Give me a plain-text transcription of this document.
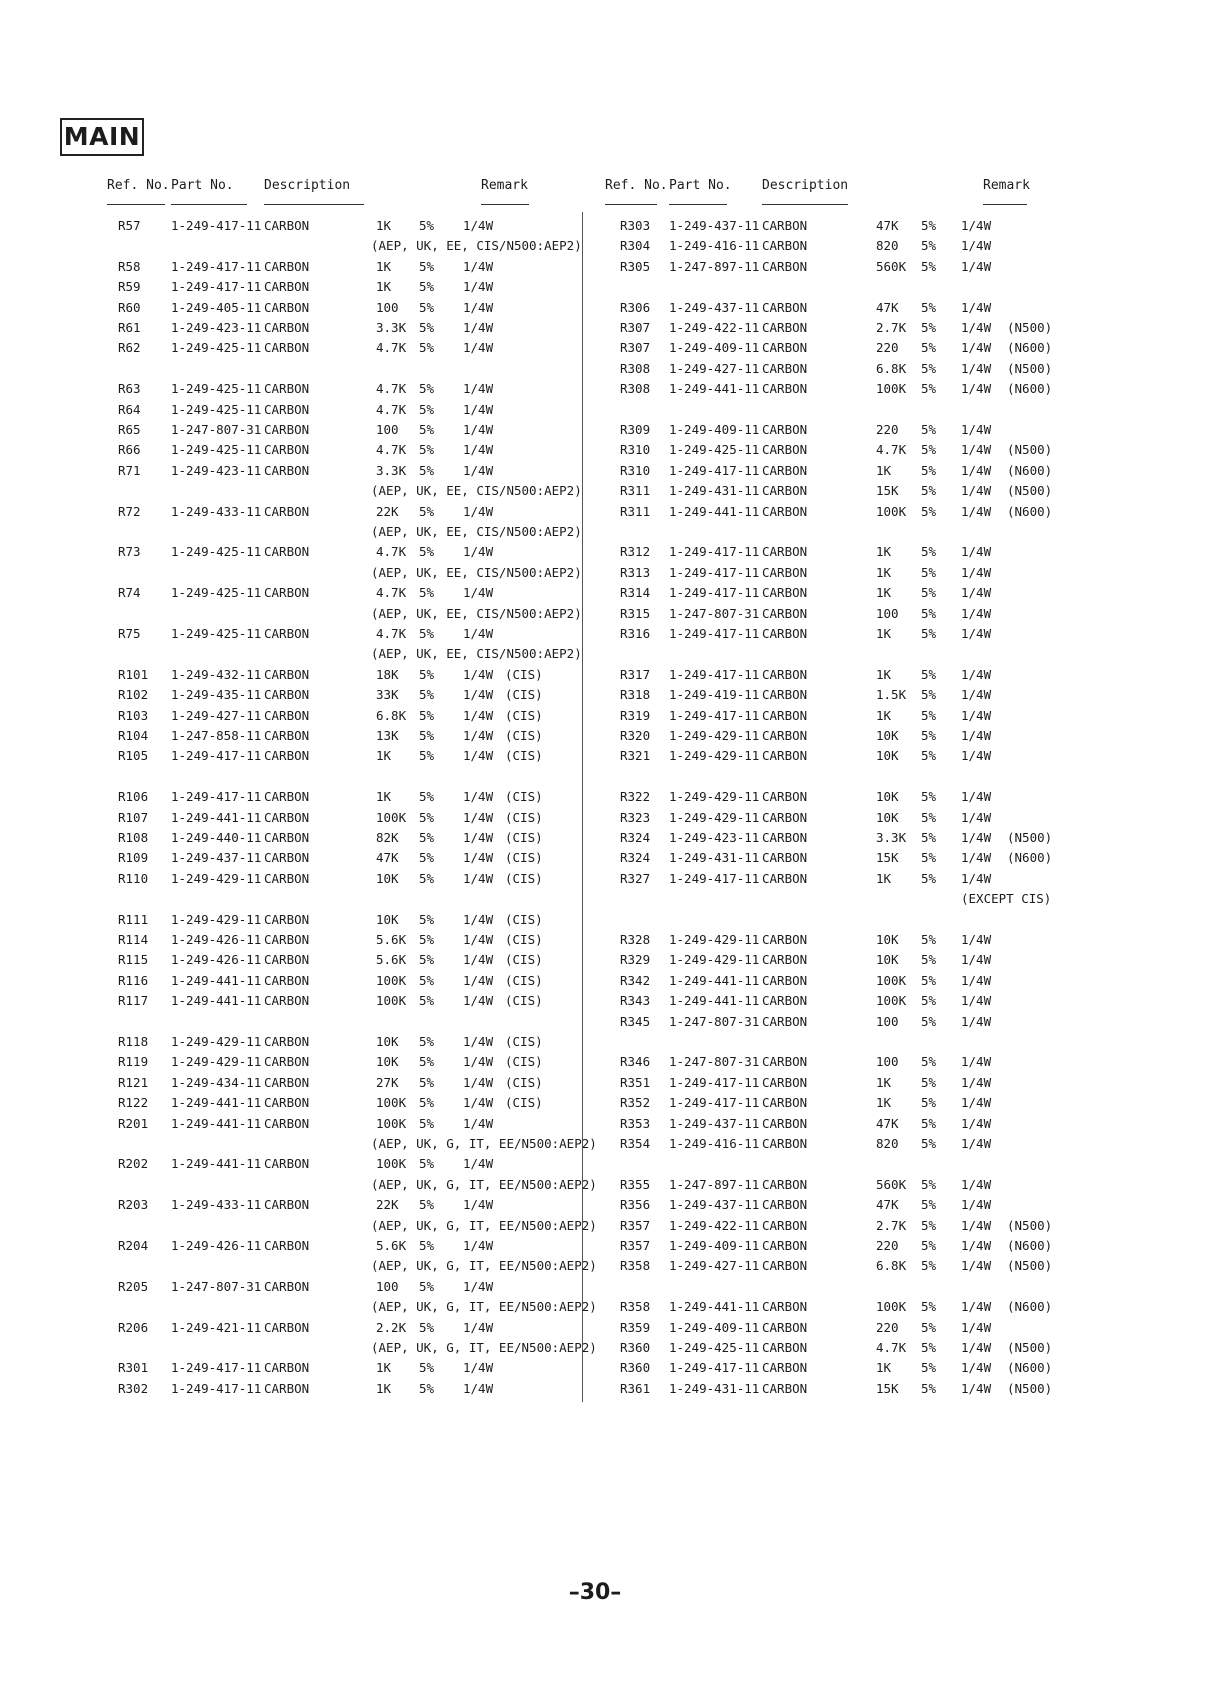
MAIN
Ref. No. Part No. Description	Remark	Ref. No. Part No. Description	Remark
R57 1-249-417-11 CARBON	1K 5% 1/4W
(AEP, UK, EE, CIS/N500:AEP2)
R58 1-249-417-11 CARBON	1K 5% 1/4W
R59 1-249-417-11 CARBON	1K 5% 1/4W
R60 1-249-405-11 CARBON	100 5% 1/4W
R61 1-249-423-11 CARBON	3.3K 5% 1/4W
R62 1-249-425-11 CARBON	4.7K 5% 1/4W
R63 1-249-425-11 CARBON	4.7K 5% 1/4W
R64 1-249-425-11 CARBON	4.7K 5% 1/4W
R65 1-247-807-31 CARBON	100 5% 1/4W
R66 1-249-425-11 CARBON	4.7K 5% 1/4W
R71 1-249-423-11 CARBON	3.3K 5% 1/4W
(AEP, UK, EE, CIS/N500:AEP2)
R72 1-249-433-11 CARBON	22K 5% 1/4W
(AEP, UK, EE, CIS/N500:AEP2)
R73 1-249-425-11 CARBON	4.7K 5% 1/4W
(AEP, UK, EE, CIS/N500:AEP2)
R74 1-249-425-11 CARBON	4.7K 5% 1/4W
(AEP, UK, EE, CIS/N500:AEP2)
R75 1-249-425-11 CARBON	4.7K 5% 1/4W
(AEP, UK, EE, CIS/N500:AEP2)
R101 1-249-432-11 CARBON	18K 5% 1/4W (CIS)
R102 1-249-435-11 CARBON	33K 5% 1/4W (CIS)
R103 1-249-427-11 CARBON	6.8K 5% 1/4W (CIS)
R104 1-247-858-11 CARBON	13K 5% 1/4W (CIS)
R105 1-249-417-11 CARBON	1K 5% 1/4W (CIS)
R106 1-249-417-11 CARBON	1K 5% 1/4W (CIS)
R107 1-249-441-11 CARBON	100K 5% 1/4W (CIS)
R108 1-249-440-11 CARBON	82K 5% 1/4W (CIS)
R109 1-249-437-11 CARBON	47K 5% 1/4W (CIS)
R110 1-249-429-11 CARBON	10K 5% 1/4W (CIS)
R111 1-249-429-11 CARBON	10K 5% 1/4W (CIS)
R114 1-249-426-11 CARBON	5.6K 5% 1/4W (CIS)
R115 1-249-426-11 CARBON	5.6K 5% 1/4W (CIS)
R116 1-249-441-11 CARBON	100K 5% 1/4W (CIS)
R117 1-249-441-11 CARBON	100K 5% 1/4W (CIS)
R118 1-249-429-11 CARBON	10K 5% 1/4W (CIS)
R119 1-249-429-11 CARBON	10K 5% 1/4W (CIS)
R121 1-249-434-11 CARBON	27K 5% 1/4W (CIS)
R122 1-249-441-11 CARBON	100K 5% 1/4W (CIS)
R201 1-249-441-11 CARBON	100K 5% 1/4W
(AEP, UK, G, IT, EE/N500:AEP2)
R202 1-249-441-11 CARBON	100K 5% 1/4W
(AEP, UK, G, IT, EE/N500:AEP2)
R203 1-249-433-11 CARBON	22K 5% 1/4W
(AEP, UK, G, IT, EE/N500:AEP2)
R204 1-249-426-11 CARBON	5.6K 5% 1/4W
(AEP, UK, G, IT, EE/N500:AEP2)
R205 1-247-807-31 CARBON	100 5% 1/4W
(AEP, UK, G, IT, EE/N500:AEP2)
R206 1-249-421-11 CARBON	2.2K 5% 1/4W
(AEP, UK, G, IT, EE/N500:AEP2)
R301 1-249-417-11 CARBON	1K 5% 1/4W
R302 1-249-417-11 CARBON	1K 5% 1/4W
R303 1-249-437-11 CARBON	47K 5% 1/4W
R304 1-249-416-11 CARBON	820 5% 1/4W
R305 1-247-897-11 CARBON	560K 5% 1/4W
R306 1-249-437-11 CARBON	47K 5% 1/4W
R307 1-249-422-11 CARBON	2.7K 5% 1/4W (N500)
R307 1-249-409-11 CARBON	220 5% 1/4W (N600)
R308 1-249-427-11 CARBON	6.8K 5% 1/4W (N500)
R308 1-249-441-11 CARBON	100K 5% 1/4W (N600)
R309 1-249-409-11 CARBON	220 5% 1/4W
R310 1-249-425-11 CARBON	4.7K 5% 1/4W (N500)
R310 1-249-417-11 CARBON	1K 5% 1/4W (N600)
R311 1-249-431-11 CARBON	15K 5% 1/4W (N500)
R311 1-249-441-11 CARBON	100K 5% 1/4W (N600)
R312 1-249-417-11 CARBON	1K 5% 1/4W
R313 1-249-417-11 CARBON	1K 5% 1/4W
R314 1-249-417-11 CARBON	1K 5% 1/4W
R315 1-247-807-31 CARBON	100 5% 1/4W
R316 1-249-417-11 CARBON	1K 5% 1/4W
R317 1-249-417-11 CARBON	1K 5% 1/4W
R318 1-249-419-11 CARBON	1.5K 5% 1/4W
R319 1-249-417-11 CARBON	1K 5% 1/4W
R320 1-249-429-11 CARBON	10K 5% 1/4W
R321 1-249-429-11 CARBON	10K 5% 1/4W
R322 1-249-429-11 CARBON	10K 5% 1/4W
R323 1-249-429-11 CARBON	10K 5% 1/4W
R324 1-249-423-11 CARBON	3.3K 5% 1/4W (N500)
R324 1-249-431-11 CARBON	15K 5% 1/4W (N600)
R327 1-249-417-11 CARBON	1K 5% 1/4W
(EXCEPT CIS)
R328 1-249-429-11 CARBON	10K 5% 1/4W
R329 1-249-429-11 CARBON	10K 5% 1/4W
R342 1-249-441-11 CARBON	100K 5% 1/4W
R343 1-249-441-11 CARBON	100K 5% 1/4W
R345 1-247-807-31 CARBON	100 5% 1/4W
R346 1-247-807-31 CARBON	100 5% 1/4W
R351 1-249-417-11 CARBON	1K 5% 1/4W
R352 1-249-417-11 CARBON	1K 5% 1/4W
R353 1-249-437-11 CARBON	47K 5% 1/4W
R354 1-249-416-11 CARBON	820 5% 1/4W
R355 1-247-897-11 CARBON	560K 5% 1/4W
R356 1-249-437-11 CARBON	47K 5% 1/4W
R357 1-249-422-11 CARBON	2.7K 5% 1/4W (N500)
R357 1-249-409-11 CARBON	220 5% 1/4W (N600)
R358 1-249-427-11 CARBON	6.8K 5% 1/4W (N500)
R358 1-249-441-11 CARBON	100K 5% 1/4W (N600)
R359 1-249-409-11 CARBON	220 5% 1/4W
R360 1-249-425-11 CARBON	4.7K 5% 1/4W (N500)
R360 1-249-417-11 CARBON	1K 5% 1/4W (N600)
R361 1-249-431-11 CARBON	15K 5% 1/4W (N500)
–30–
